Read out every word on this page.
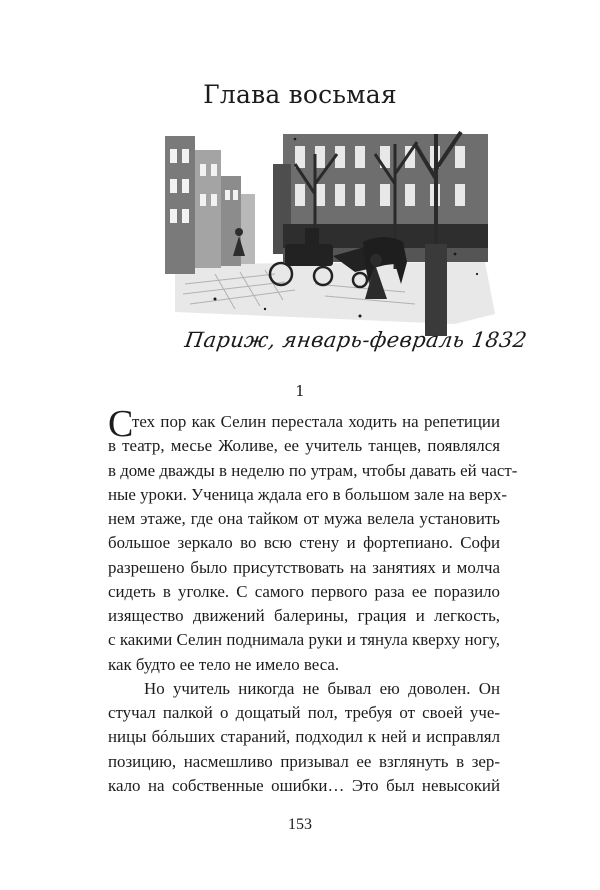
Глава восьмая
Париж, январь-февраль 1832
1
С
тех пор как Селин перестала ходить на репетиции
в театр, месье Жоливе, ее учитель танцев, появлялся
в доме дважды в неделю по утрам, чтобы давать ей част-
ные уроки. Ученица ждала его в большом зале на верх-
нем этаже, где она тайком от мужа велела установить
большое зеркало во всю стену и фортепиано. Софи
разрешено было присутствовать на занятиях и молча
сидеть в уголке. С самого первого раза ее поразило
изящество движений балерины, грация и легкость,
с какими Селин поднимала руки и тянула кверху ногу,
как будто ее тело не имело веса.
Но учитель никогда не бывал ею доволен. Он
стучал палкой о дощатый пол, требуя от своей уче-
ницы бóльших стараний, подходил к ней и исправлял
позицию, насмешливо призывал ее взглянуть в зер-
кало на собственные ошибки… Это был невысокий
153
